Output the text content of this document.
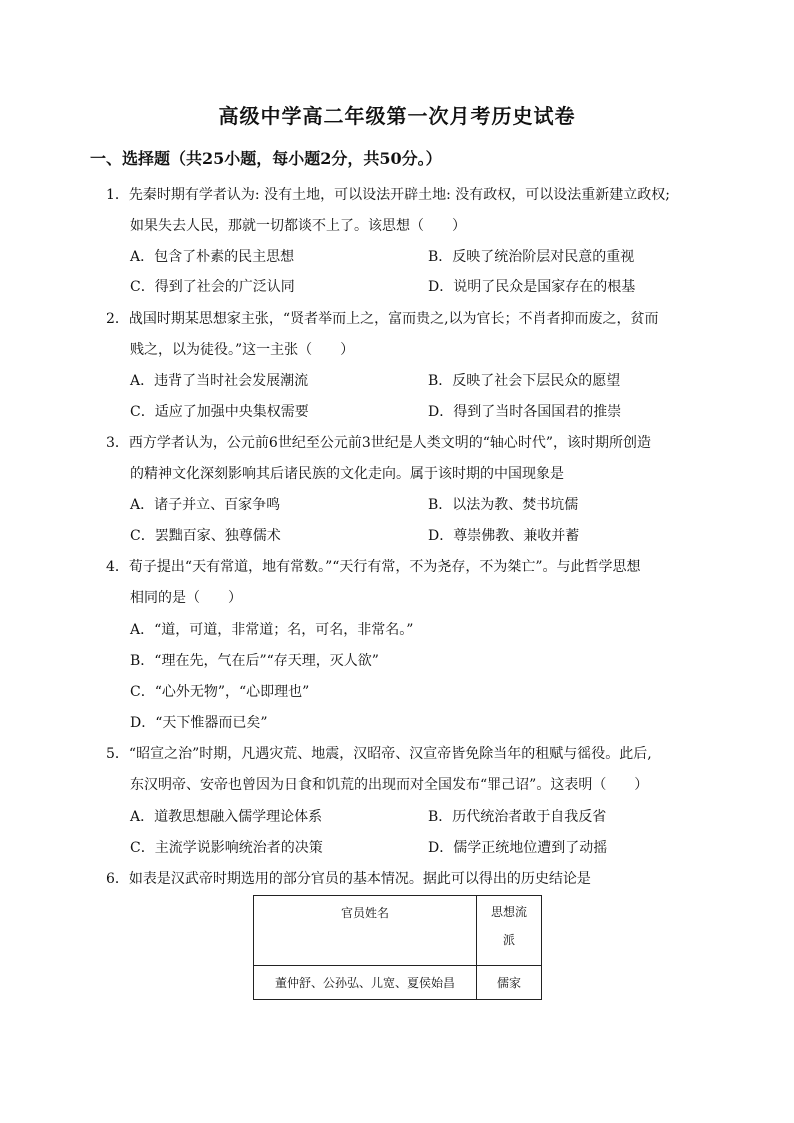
高级中学高二年级第一次月考历史试卷
一、选择题（共25小题，每小题2分，共50分。）
1．先秦时期有学者认为: 没有土地，可以设法开辟土地: 没有政权，可以设法重新建立政权;
如果失去人民，那就一切都谈不上了。该思想（　　）
A．包含了朴素的民主思想	B．反映了统治阶层对民意的重视
C．得到了社会的广泛认同	D．说明了民众是国家存在的根基
2．战国时期某思想家主张，“贤者举而上之，富而贵之,以为官长；不肖者抑而废之，贫而
贱之，以为徒役。”这一主张（　　）
A．违背了当时社会发展潮流	B．反映了社会下层民众的愿望
C．适应了加强中央集权需要	D．得到了当时各国国君的推崇
3．西方学者认为，公元前6世纪至公元前3世纪是人类文明的“轴心时代”，该时期所创造
的精神文化深刻影响其后诸民族的文化走向。属于该时期的中国现象是
A．诸子并立、百家争鸣	B．以法为教、焚书坑儒
C．罢黜百家、独尊儒术	D．尊崇佛教、兼收并蓄
4．荀子提出“天有常道，地有常数。”“天行有常，不为尧存，不为桀亡”。与此哲学思想
相同的是（　　）
A．“道，可道，非常道；名，可名，非常名。”
B．“理在先，气在后”“存天理，灭人欲”
C．“心外无物”，“心即理也”
D．“天下惟器而已矣”
5．“昭宣之治”时期，凡遇灾荒、地震，汉昭帝、汉宣帝皆免除当年的租赋与徭役。此后,
东汉明帝、安帝也曾因为日食和饥荒的出现而对全国发布“罪己诏”。这表明（　　）
A．道教思想融入儒学理论体系	B．历代统治者敢于自我反省
C．主流学说影响统治者的决策	D．儒学正统地位遭到了动摇
6．如表是汉武帝时期选用的部分官员的基本情况。据此可以得出的历史结论是
官员姓名	思想流
派
董仲舒、公孙弘、儿宽、夏侯始昌	儒家
